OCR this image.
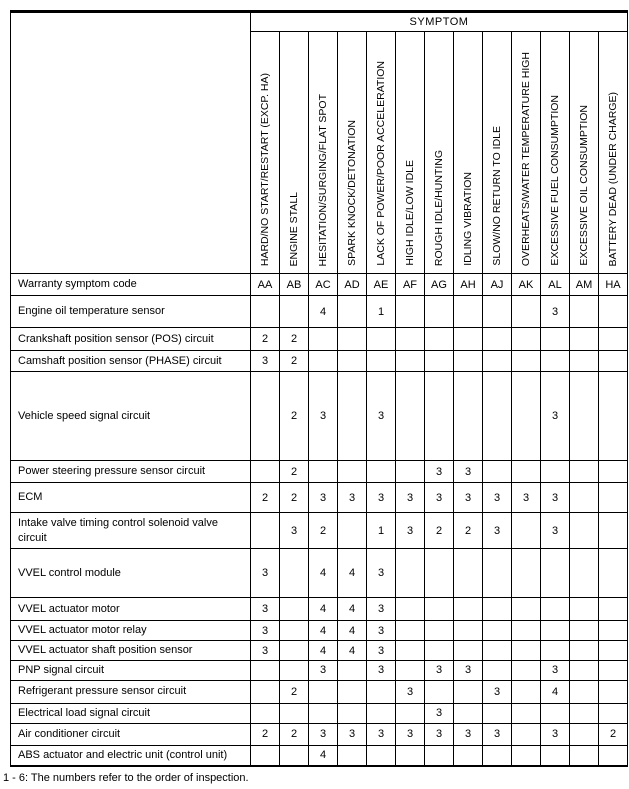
	SYMPTOM												

	HARD/NO START/RESTART (EXCP. HA)	ENGINE STALL	HESITATION/SURGING/FLAT SPOT	SPARK KNOCK/DETONATION	LACK OF POWER/POOR ACCELERATION	HIGH IDLE/LOW IDLE	ROUGH IDLE/HUNTING	IDLING VIBRATION	SLOW/NO RETURN TO IDLE	OVERHEATS/WATER TEMPERATURE HIGH	EXCESSIVE FUEL CONSUMPTION	EXCESSIVE OIL CONSUMPTION	BATTERY DEAD (UNDER CHARGE)

Warranty symptom code	AA	AB	AC	AD	AE	AF	AG	AH	AJ	AK	AL	AM	HA
Engine oil temperature sensor			4		1						3		
Crankshaft position sensor (POS) circuit	2	2											
Camshaft position sensor (PHASE) circuit	3	2											
Vehicle speed signal circuit		2	3		3						3		
Power steering pressure sensor circuit		2					3	3					
ECM	2	2	3	3	3	3	3	3	3	3	3		
Intake valve timing control solenoid valve circuit		3	2		1	3	2	2	3		3		
VVEL control module	3		4	4	3								
VVEL actuator motor	3		4	4	3								
VVEL actuator motor relay	3		4	4	3								
VVEL actuator shaft position sensor	3		4	4	3								
PNP signal circuit			3		3		3	3			3		
Refrigerant pressure sensor circuit		2				3			3		4		
Electrical load signal circuit							3						
Air conditioner circuit	2	2	3	3	3	3	3	3	3		3		2
ABS actuator and electric unit (control unit)			4										
1 - 6: The numbers refer to the order of inspection.
